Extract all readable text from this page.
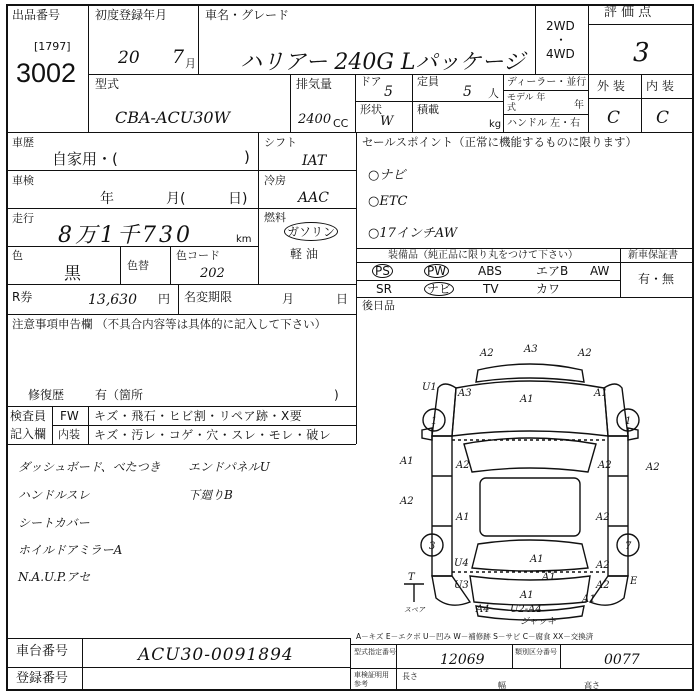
出品番号
[1797]
3002
初度登録年月
20 7 月
車名・グレード
ハリアー 240G Lパッケージ
2WD
・
4WD
評 価 点
3
型式
CBA-ACU30W
排気量
2400 CC
ドア
5
定員
5 人
形状
W
積載
kg
ディーラー・並行
モデル 年式	年
ハンドル 左・右
外 装 内 装
C C
車歴
自家用・(	)
車検
年	月(	日)
走行
8万1千730	km
色
黒	色替
色コード
202
シフト
IAT
冷房
AAC
燃料
ガソリン
軽 油
R券	13,630 円 名変期限	月	日
セールスポイント（正常に機能するものに限ります）
○ナビ
○ETC
○17インチAW
装備品（純正品に限り丸をつけて下さい）	新車保証書
有・無
PS	PW	ABS	エアB AW
SR	ナビ	TV	カワ
後日品
注意事項申告欄 （不具合内容等は具体的に記入して下さい）
修復歴	有（箇所	)
検査員
記入欄
FW キズ・飛石・ヒビ割・リペア跡・X要
内装 キズ・汚レ・コゲ・穴・スレ・モレ・破レ
ダッシュボード、べたつき
ハンドルスレ
シートカバー
ホイルドアミラーA
N.A.U.P.アセ
エンドパネルU
下廻りB
A2	A3	A2
U1
A3	A1
A1
A1	A2	A2	A2
A2
A1
U4
A2
A2
A1
U3
A1
A1
A2 E
T
スペア	A4
A1
U2-A4
ジャッキ
1	1
3	7
A－キズ E－エクボ U－凹み W－補修跡 S－サビ C－腐食 XX－交換済
車台番号	ACU30-0091894
登録番号
型式指定番号	12069	類別区分番号	0077
車検証明用 参考
長さ
幅	高さ
